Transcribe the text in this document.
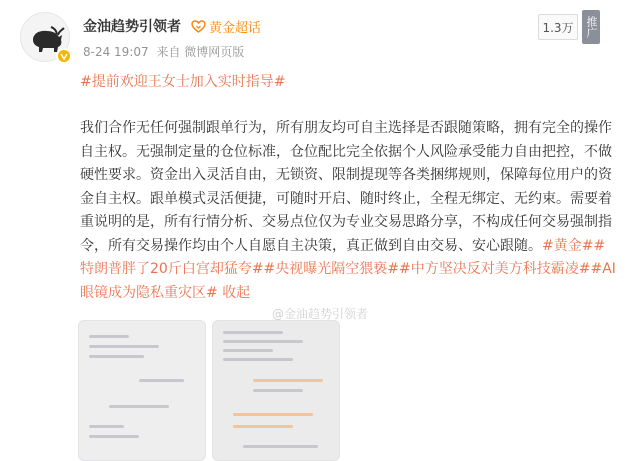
金油趋势引领者 黄金超话
8-24 19:07 来自 微博网页版
1.3万	推广
#提前欢迎王女士加入实时指导#
我们合作无任何强制跟单行为，所有朋友均可自主选择是否跟随策略，拥有完全的操作自主权。无强制定量的仓位标准，仓位配比完全依据个人风险承受能力自由把控，不做硬性要求。资金出入灵活自由，无锁资、限制提现等各类捆绑规则，保障每位用户的资金自主权。跟单模式灵活便捷，可随时开启、随时终止，全程无绑定、无约束。需要着重说明的是，所有行情分析、交易点位仅为专业交易思路分享，不构成任何交易强制指令，所有交易操作均由个人自愿自主决策，真正做到自由交易、安心跟随。#黄金##特朗普胖了20斤白宫却猛夸##央视曝光隔空猥亵##中方坚决反对美方科技霸凌##AI眼镜成为隐私重灾区# 收起
@金油趋势引领者
